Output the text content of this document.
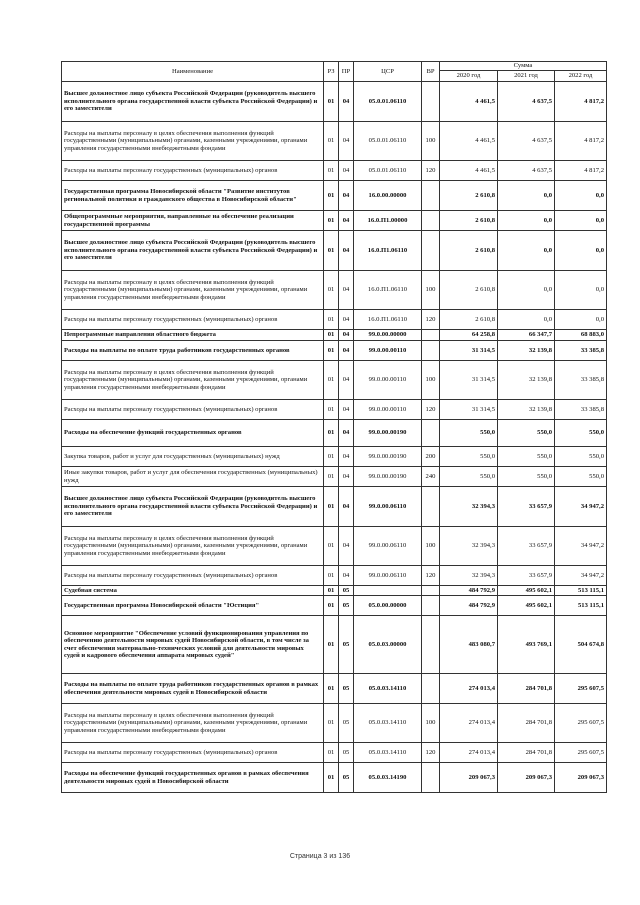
Наименование	РЗ	ПР	ЦСР	ВР	Сумма		
					2020 год	2021 год	2022 год
Высшее должностное лицо субъекта Российской Федерации (руководитель высшего исполнительного органа государственной власти субъекта Российской Федерации) и его заместители	01	04	05.0.01.06110		4 461,5	4 637,5	4 817,2
Расходы на выплаты персоналу в целях обеспечения выполнения функций государственными (муниципальными) органами, казенными учреждениями, органами управления государственными внебюджетными фондами	01	04	05.0.01.06110	100	4 461,5	4 637,5	4 817,2
Расходы на выплаты персоналу государственных (муниципальных) органов	01	04	05.0.01.06110	120	4 461,5	4 637,5	4 817,2
Государственная программа Новосибирской области "Развитие институтов региональной политики и гражданского общества в Новосибирской области"	01	04	16.0.00.00000		2 610,8	0,0	0,0
Общепрограммные мероприятия, направленные на обеспечение реализации государственной программы	01	04	16.0.П1.00000		2 610,8	0,0	0,0
Высшее должностное лицо субъекта Российской Федерации (руководитель высшего исполнительного органа государственной власти субъекта Российской Федерации) и его заместители	01	04	16.0.П1.06110		2 610,8	0,0	0,0
Расходы на выплаты персоналу в целях обеспечения выполнения функций государственными (муниципальными) органами, казенными учреждениями, органами управления государственными внебюджетными фондами	01	04	16.0.П1.06110	100	2 610,8	0,0	0,0
Расходы на выплаты персоналу государственных (муниципальных) органов	01	04	16.0.П1.06110	120	2 610,8	0,0	0,0
Непрограммные направления областного бюджета	01	04	99.0.00.00000		64 258,8	66 347,7	68 883,0
Расходы на выплаты по оплате труда работников государственных органов	01	04	99.0.00.00110		31 314,5	32 139,8	33 385,8
Расходы на выплаты персоналу в целях обеспечения выполнения функций государственными (муниципальными) органами, казенными учреждениями, органами управления государственными внебюджетными фондами	01	04	99.0.00.00110	100	31 314,5	32 139,8	33 385,8
Расходы на выплаты персоналу государственных (муниципальных) органов	01	04	99.0.00.00110	120	31 314,5	32 139,8	33 385,8
Расходы на обеспечение функций государственных органов	01	04	99.0.00.00190		550,0	550,0	550,0
Закупка товаров, работ и услуг для государственных (муниципальных) нужд	01	04	99.0.00.00190	200	550,0	550,0	550,0
Иные закупки товаров, работ и услуг для обеспечения государственных (муниципальных) нужд	01	04	99.0.00.00190	240	550,0	550,0	550,0
Высшее должностное лицо субъекта Российской Федерации (руководитель высшего исполнительного органа государственной власти субъекта Российской Федерации) и его заместители	01	04	99.0.00.06110		32 394,3	33 657,9	34 947,2
Расходы на выплаты персоналу в целях обеспечения выполнения функций государственными (муниципальными) органами, казенными учреждениями, органами управления государственными внебюджетными фондами	01	04	99.0.00.06110	100	32 394,3	33 657,9	34 947,2
Расходы на выплаты персоналу государственных (муниципальных) органов	01	04	99.0.00.06110	120	32 394,3	33 657,9	34 947,2
Судебная система	01	05			484 792,9	495 602,1	513 115,1
Государственная программа Новосибирской области "Юстиция"	01	05	05.0.00.00000		484 792,9	495 602,1	513 115,1
Основное мероприятие "Обеспечение условий функционирования управления по обеспечению деятельности мировых судей Новосибирской области, в том числе за счет обеспечения материально-технических условий для деятельности мировых судей и кадрового обеспечения аппарата мировых судей"	01	05	05.0.03.00000		483 080,7	493 769,1	504 674,8
Расходы на выплаты по оплате труда работников государственных органов в рамках обеспечения деятельности мировых судей в Новосибирской области	01	05	05.0.03.14110		274 013,4	284 701,8	295 607,5
Расходы на выплаты персоналу в целях обеспечения выполнения функций государственными (муниципальными) органами, казенными учреждениями, органами управления государственными внебюджетными фондами	01	05	05.0.03.14110	100	274 013,4	284 701,8	295 607,5
Расходы на выплаты персоналу государственных (муниципальных) органов	01	05	05.0.03.14110	120	274 013,4	284 701,8	295 607,5
Расходы на обеспечение функций государственных органов в рамках обеспечения деятельности мировых судей в Новосибирской области	01	05	05.0.03.14190		209 067,3	209 067,3	209 067,3
Страница 3 из 136
